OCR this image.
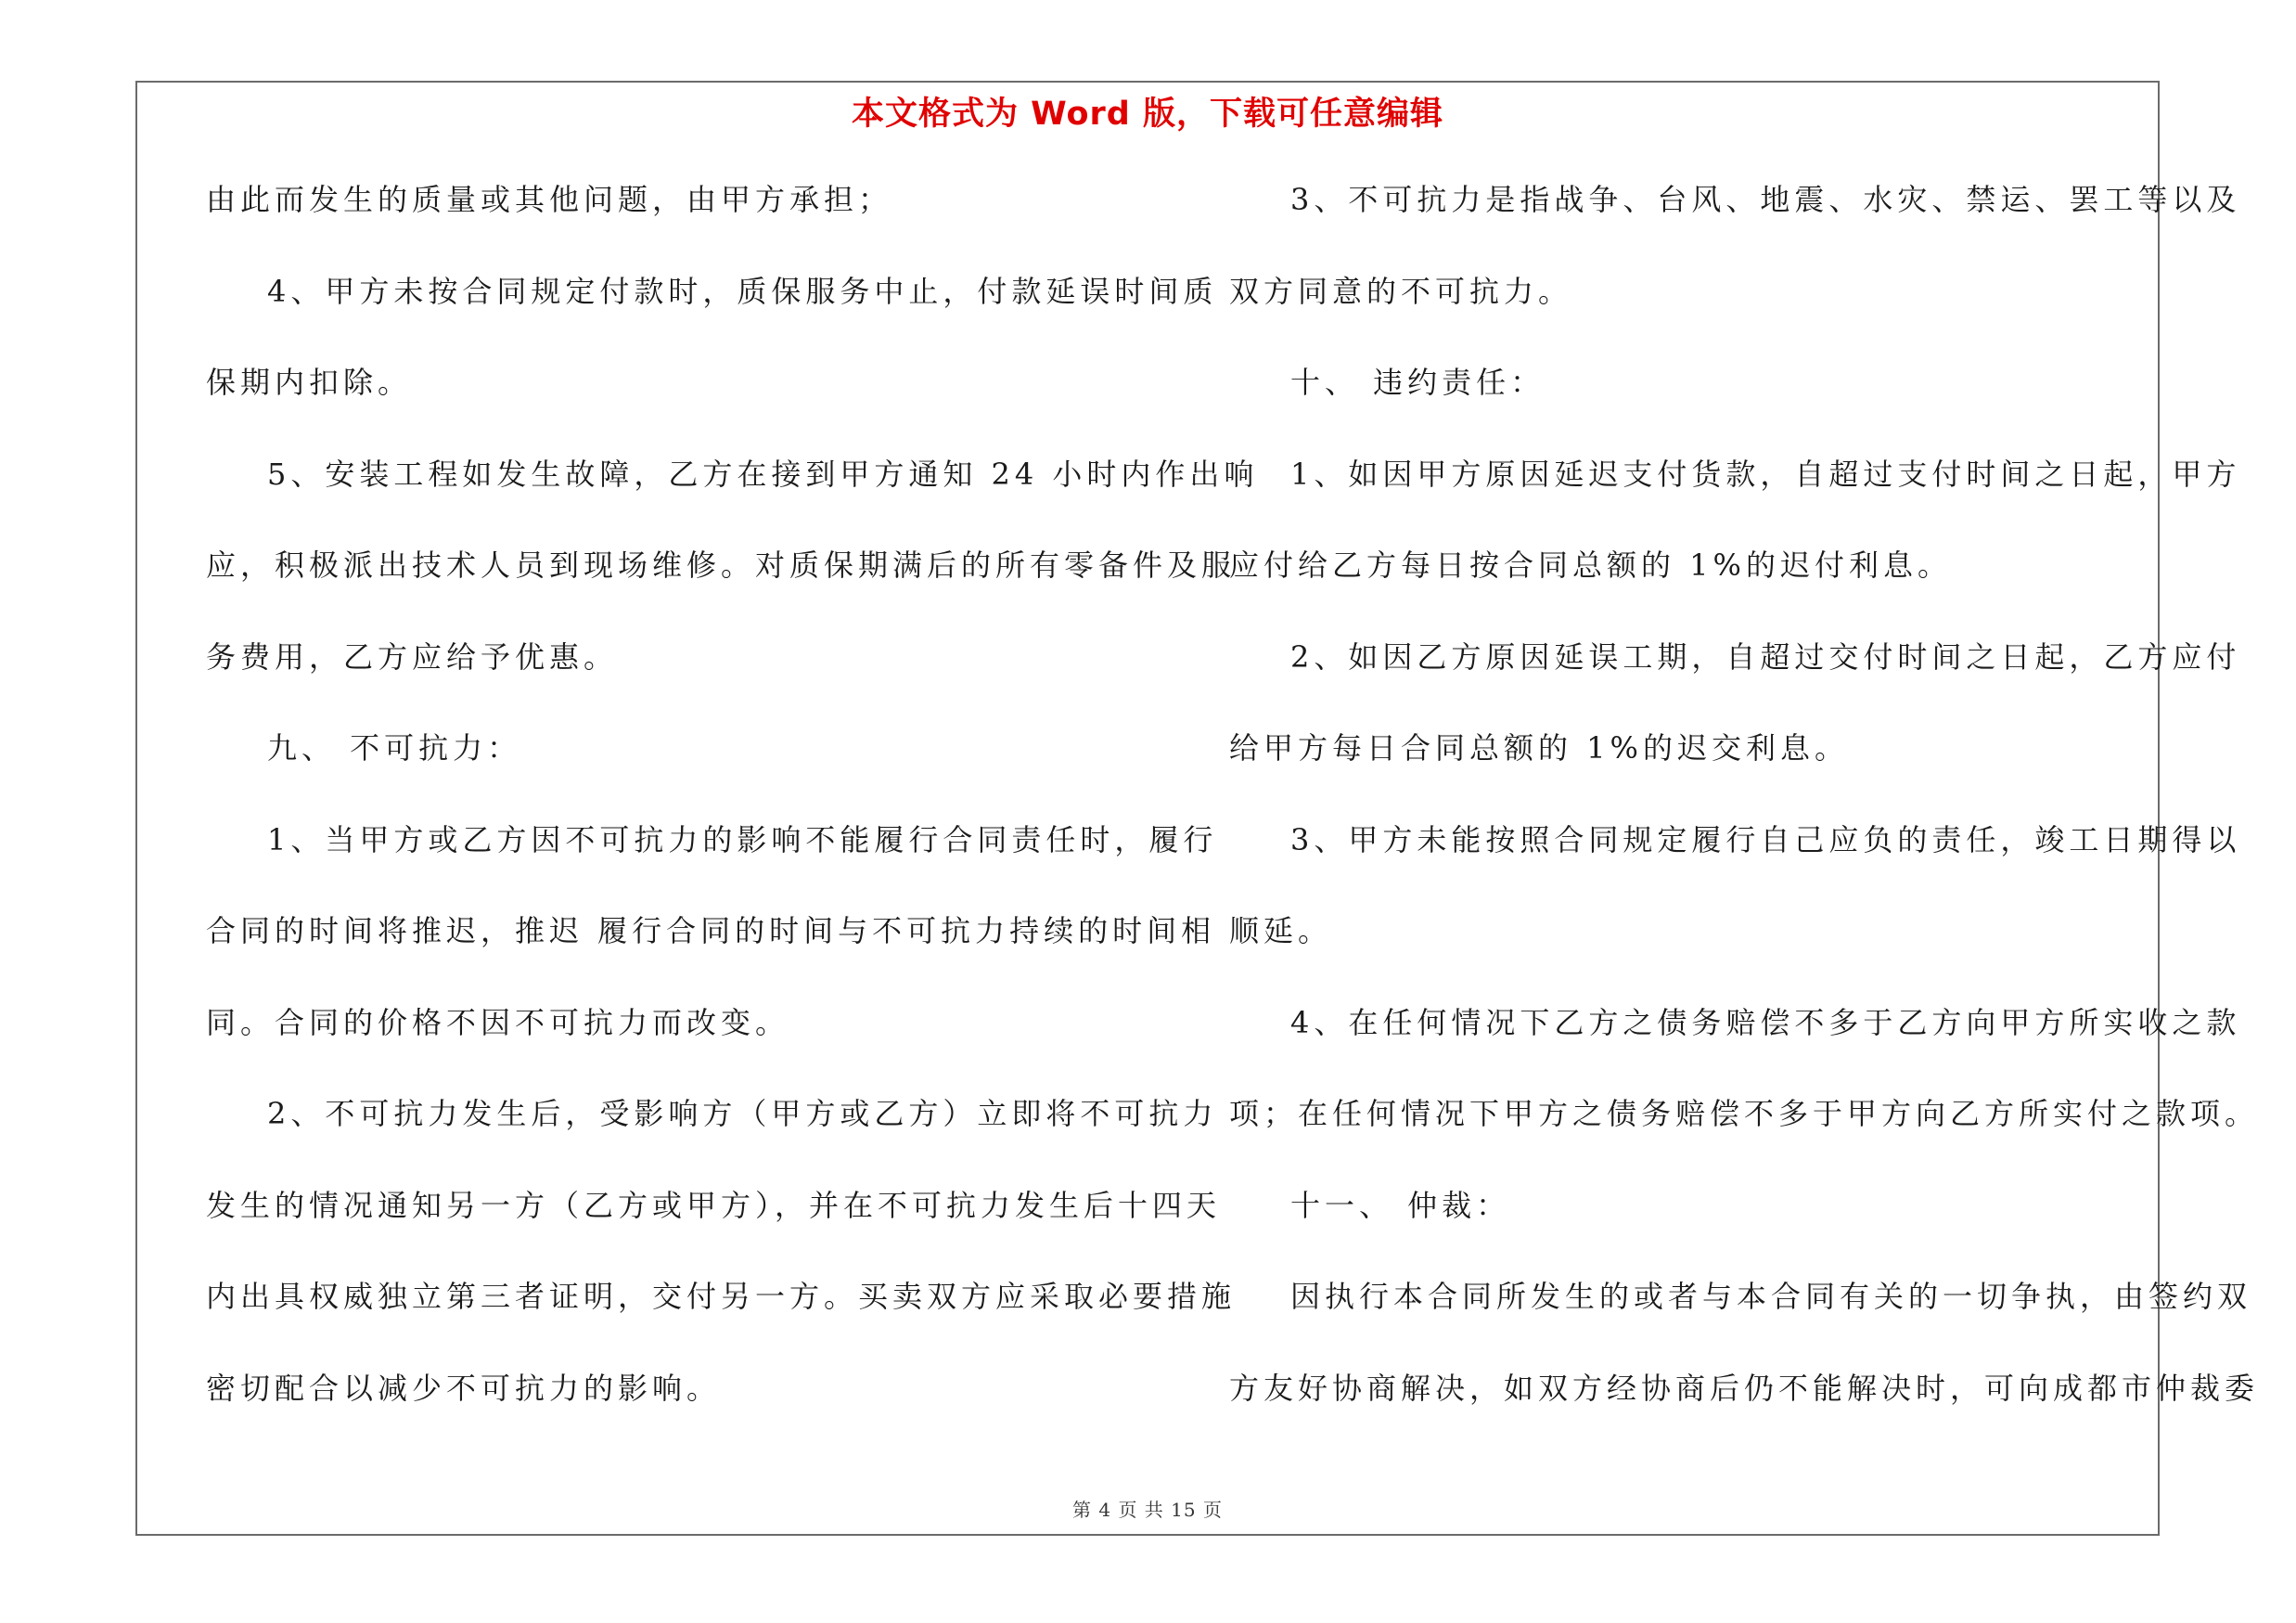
本文格式为 Word 版，下载可任意编辑
由此而发生的质量或其他问题，由甲方承担；
4、甲方未按合同规定付款时，质保服务中止，付款延误时间质
保期内扣除。
5、安装工程如发生故障，乙方在接到甲方通知 24 小时内作出响
应，积极派出技术人员到现场维修。对质保期满后的所有零备件及服
务费用，乙方应给予优惠。
九、 不可抗力：
1、当甲方或乙方因不可抗力的影响不能履行合同责任时，履行
合同的时间将推迟，推迟 履行合同的时间与不可抗力持续的时间相
同。合同的价格不因不可抗力而改变。
2、不可抗力发生后，受影响方（甲方或乙方）立即将不可抗力
发生的情况通知另一方（乙方或甲方），并在不可抗力发生后十四天
内出具权威独立第三者证明，交付另一方。买卖双方应采取必要措施
密切配合以减少不可抗力的影响。
3、不可抗力是指战争、台风、地震、水灾、禁运、罢工等以及
双方同意的不可抗力。
十、 违约责任：
1、如因甲方原因延迟支付货款，自超过支付时间之日起，甲方
应付给乙方每日按合同总额的 1%的迟付利息。
2、如因乙方原因延误工期，自超过交付时间之日起，乙方应付
给甲方每日合同总额的 1%的迟交利息。
3、甲方未能按照合同规定履行自己应负的责任，竣工日期得以
顺延。
4、在任何情况下乙方之债务赔偿不多于乙方向甲方所实收之款
项；在任何情况下甲方之债务赔偿不多于甲方向乙方所实付之款项。
十一、 仲裁：
因执行本合同所发生的或者与本合同有关的一切争执，由签约双
方友好协商解决，如双方经协商后仍不能解决时，可向成都市仲裁委
第 4 页 共 15 页
